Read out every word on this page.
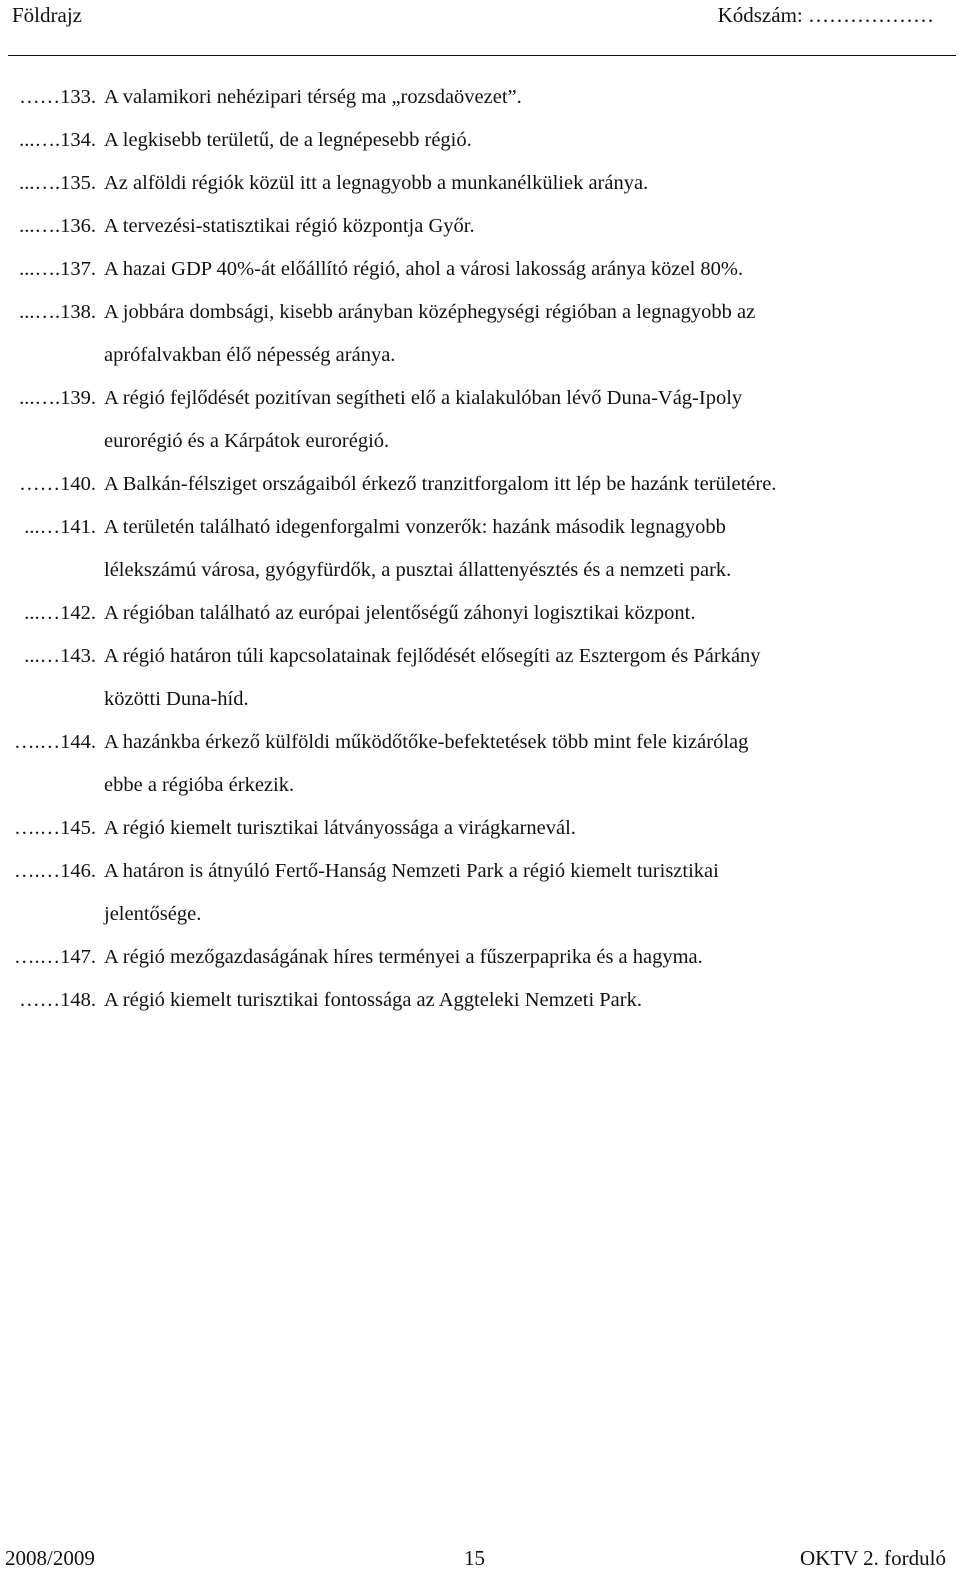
Földrajz	Kódszám: ………………
……133. A valamikori nehézipari térség ma „rozsdaövezet”.
...….134. A legkisebb területű, de a legnépesebb régió.
...….135. Az alföldi régiók közül itt a legnagyobb a munkanélküliek aránya.
...….136. A tervezési-statisztikai régió központja Győr.
...….137. A hazai GDP 40%-át előállító régió, ahol a városi lakosság aránya közel 80%.
...….138. A jobbára dombsági, kisebb arányban középhegységi régióban a legnagyobb az
aprófalvakban élő népesség aránya.
...….139. A régió fejlődését pozitívan segítheti elő a kialakulóban lévő Duna-Vág-Ipoly
eurorégió és a Kárpátok eurorégió.
……140. A Balkán-félsziget országaiból érkező tranzitforgalom itt lép be hazánk területére.
...…141. A területén található idegenforgalmi vonzerők: hazánk második legnagyobb
lélekszámú városa, gyógyfürdők, a pusztai állattenyésztés és a nemzeti park.
...…142. A régióban található az európai jelentőségű záhonyi logisztikai központ.
...…143. A régió határon túli kapcsolatainak fejlődését elősegíti az Esztergom és Párkány
közötti Duna-híd.
….…144. A hazánkba érkező külföldi működőtőke-befektetések több mint fele kizárólag
ebbe a régióba érkezik.
….…145. A régió kiemelt turisztikai látványossága a virágkarnevál.
….…146. A határon is átnyúló Fertő-Hanság Nemzeti Park a régió kiemelt turisztikai
jelentősége.
….…147. A régió mezőgazdaságának híres terményei a fűszerpaprika és a hagyma.
……148. A régió kiemelt turisztikai fontossága az Aggteleki Nemzeti Park.
2008/2009	15	OKTV 2. forduló
